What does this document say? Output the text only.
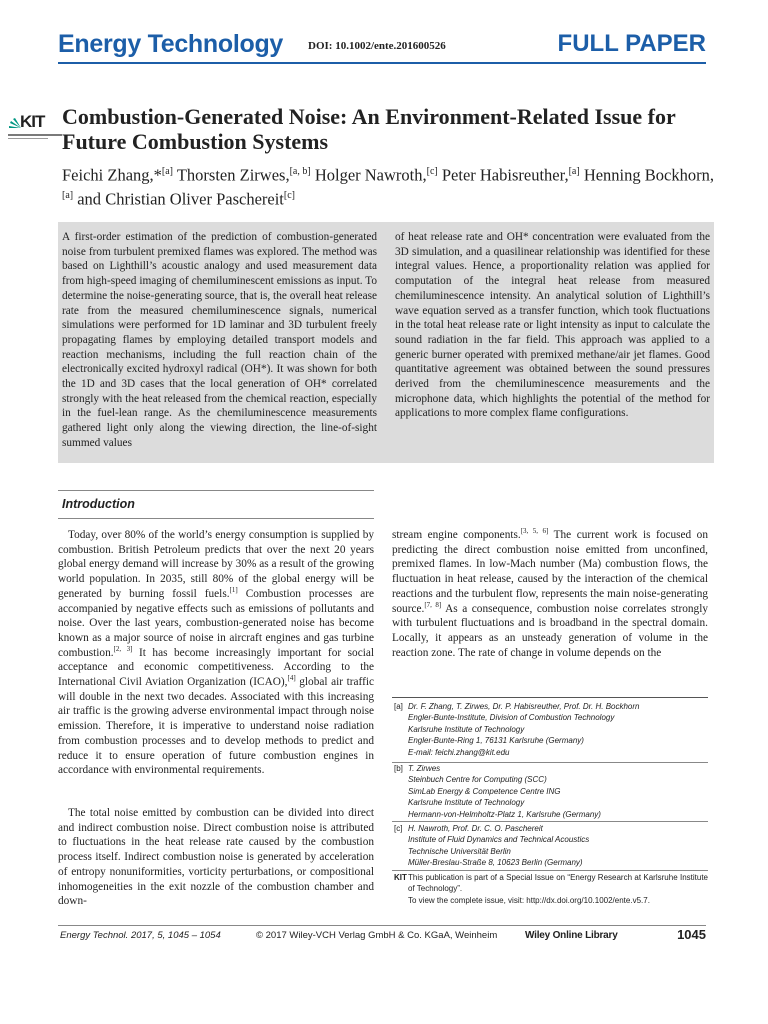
Energy Technology DOI: 10.1002/ente.201600526	FULL PAPER
KIT Combustion-Generated Noise: An Environment-Related Issue for Future Combustion Systems
Feichi Zhang,*[a] Thorsten Zirwes,[a, b] Holger Nawroth,[c] Peter Habisreuther,[a] Henning Bockhorn,[a] and Christian Oliver Paschereit[c]

A first-order estimation of the prediction of combustion-generated noise from turbulent premixed flames was explored. The method was based on Lighthill’s acoustic analogy and used measurement data from high-speed imaging of chemiluminescent emissions as input. To determine the noise-generating source, that is, the overall heat release rate from the measured chemiluminescence signals, numerical simulations were performed for 1D laminar and 3D turbulent freely propagating flames by employing detailed transport models and reaction mechanisms, including the full reaction chain of the electronically excited hydroxyl radical (OH*). It was shown for both the 1D and 3D cases that the local generation of OH* correlated strongly with the heat released from the chemical reaction, especially in the fuel-lean range. As the chemiluminescence measurements gathered light only along the viewing direction, the line-of-sight summed values

of heat release rate and OH* concentration were evaluated from the 3D simulation, and a quasilinear relationship was identified for these integral values. Hence, a proportionality relation was applied for computation of the integral heat release from measured chemiluminescence intensity. An analytical solution of Lighthill’s wave equation served as a transfer function, which took fluctuations in the total heat release rate or light intensity as input to calculate the sound radiation in the far field. This approach was applied to a generic burner operated with premixed methane/air jet flames. Good quantitative agreement was obtained between the sound pressures derived from the chemiluminescence measurements and the microphone data, which highlights the potential of the method for applications to more complex flame configurations.

Introduction

Today, over 80% of the world’s energy consumption is supplied by combustion. British Petroleum predicts that over the next 20 years global energy demand will increase by 30% as a result of the growing world population. In 2035, still 80% of the global energy will be generated by burning fossil fuels.[1] Combustion processes are accompanied by negative effects such as emissions of pollutants and noise. Over the last years, combustion-generated noise has become known as a major source of noise in aircraft engines and gas turbine combustion.[2, 3] It has become increasingly important for social acceptance and economic competitiveness. According to the International Civil Aviation Organization (ICAO),[4] global air traffic will double in the next two decades. Associated with this increasing air traffic is the growing adverse environmental impact through noise emission. Therefore, it is imperative to understand noise radiation from combustion processes and to develop methods to predict and reduce it to ensure operation of future combustion engines in accordance with environmental requirements.

The total noise emitted by combustion can be divided into direct and indirect combustion noise. Direct combustion noise is attributed to fluctuations in the heat release rate caused by the combustion process itself. Indirect combustion noise is generated by acceleration of entropy nonuniformities, vorticity perturbations, or compositional inhomogeneities in the exit nozzle of the combustion chamber and down-

stream engine components.[3, 5, 6] The current work is focused on predicting the direct combustion noise emitted from unconfined, premixed flames. In low-Mach number (Ma) combustion flows, the fluctuation in heat release, caused by the interaction of the chemical reactions and the turbulent flow, represents the main noise-generating source.[7, 8] As a consequence, combustion noise correlates strongly with turbulent fluctuations and is broadband in the spectral domain. Locally, it appears as an unsteady generation of volume in the reaction zone. The rate of change in volume depends on the

[a] Dr. F. Zhang, T. Zirwes, Dr. P. Habisreuther, Prof. Dr. H. Bockhorn
Engler-Bunte-Institute, Division of Combustion Technology
Karlsruhe Institute of Technology
Engler-Bunte-Ring 1, 76131 Karlsruhe (Germany)
E-mail: feichi.zhang@kit.edu
[b] T. Zirwes
Steinbuch Centre for Computing (SCC)
SimLab Energy & Competence Centre ING
Karlsruhe Institute of Technology
Hermann-von-Helmholtz-Platz 1, Karlsruhe (Germany)
[c] H. Nawroth, Prof. Dr. C. O. Paschereit
Institute of Fluid Dynamics and Technical Acoustics
Technische Universität Berlin
Müller-Breslau-Straße 8, 10623 Berlin (Germany)
KIT This publication is part of a Special Issue on “Energy Research at Karlsruhe Institute of Technology”.
To view the complete issue, visit: http://dx.doi.org/10.1002/ente.v5.7.
Energy Technol. 2017, 5, 1045 – 1054	© 2017 Wiley-VCH Verlag GmbH & Co. KGaA, Weinheim	Wiley Online Library	1045
